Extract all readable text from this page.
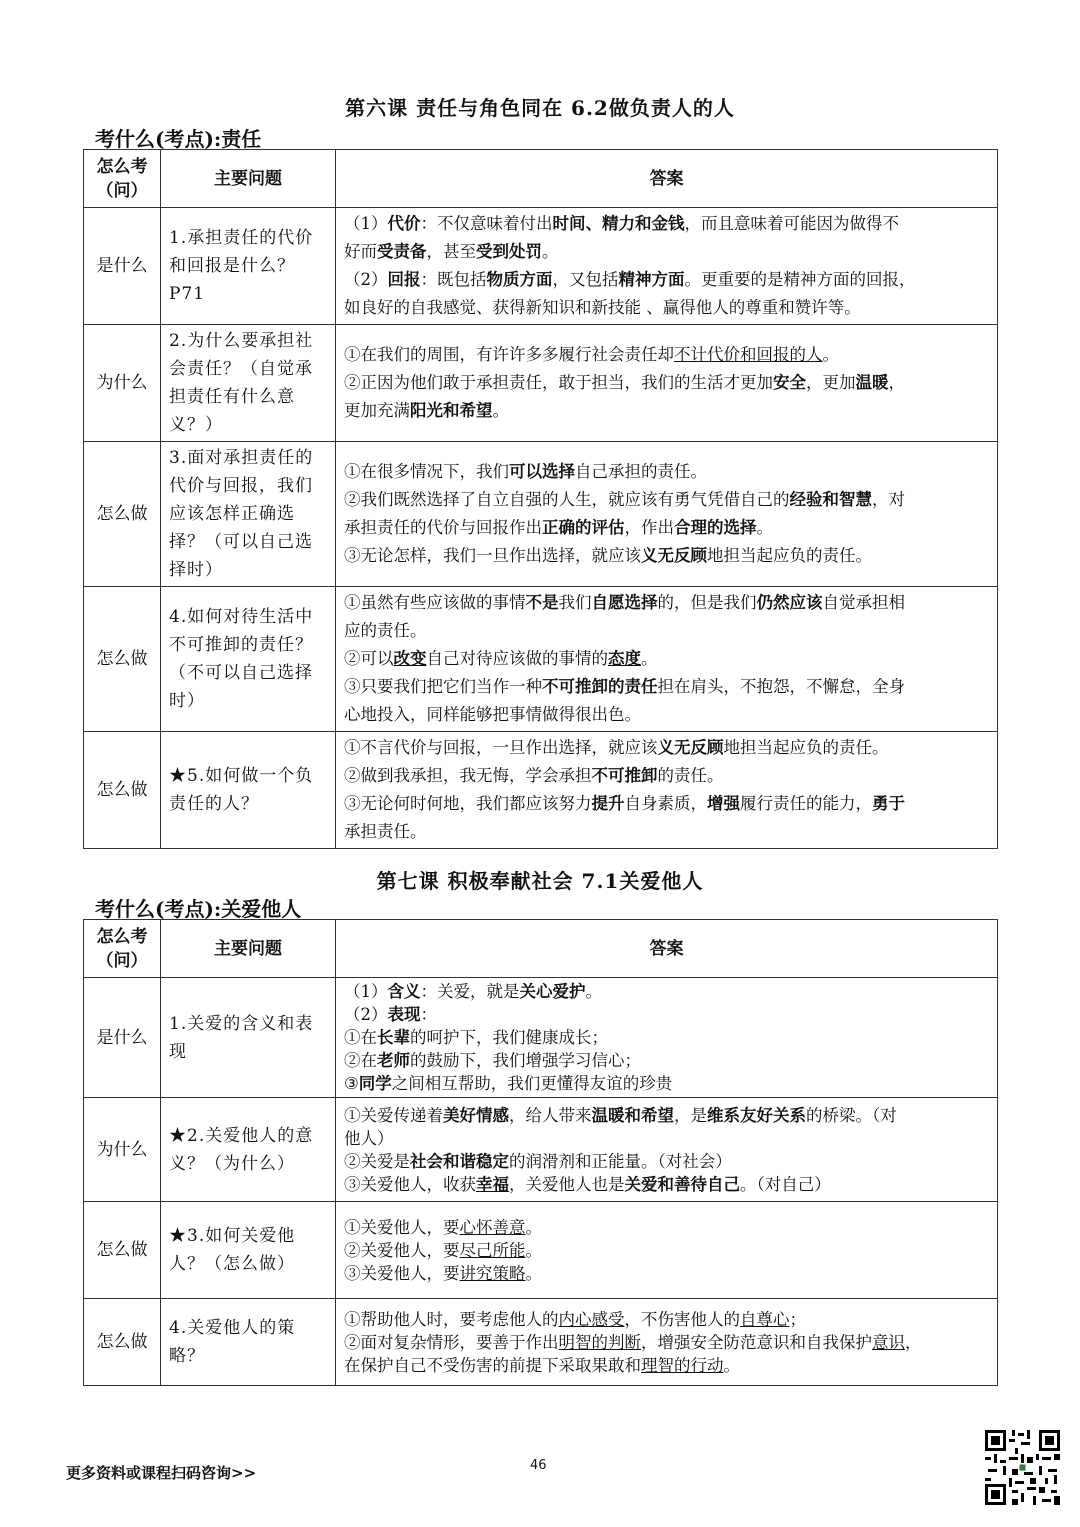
第六课 责任与角色同在 6.2做负责人的人
考什么(考点):责任
怎么考（问）	主要问题	答案
是什么	1.承担责任的代价和回报是什么？P71	（1）代价：不仅意味着付出时间、精力和金钱，而且意味着可能因为做得不
好而受责备，甚至受到处罚。
（2）回报：既包括物质方面，又包括精神方面。更重要的是精神方面的回报，
如良好的自我感觉、获得新知识和新技能 、赢得他人的尊重和赞许等。

为什么	2.为什么要承担社会责任？（自觉承担责任有什么意义？）	①在我们的周围，有许许多多履行社会责任却不计代价和回报的人。
②正因为他们敢于承担责任，敢于担当，我们的生活才更加安全，更加温暖，
更加充满阳光和希望。

怎么做	3.面对承担责任的代价与回报，我们应该怎样正确选择？（可以自己选择时）	①在很多情况下，我们可以选择自己承担的责任。
②我们既然选择了自立自强的人生，就应该有勇气凭借自己的经验和智慧，对
承担责任的代价与回报作出正确的评估，作出合理的选择。
③无论怎样，我们一旦作出选择，就应该义无反顾地担当起应负的责任。

怎么做	4.如何对待生活中不可推卸的责任？（不可以自己选择时）	①虽然有些应该做的事情不是我们自愿选择的，但是我们仍然应该自觉承担相
应的责任。
②可以改变自己对待应该做的事情的态度。
③只要我们把它们当作一种不可推卸的责任担在肩头，不抱怨，不懈怠，全身
心地投入，同样能够把事情做得很出色。

怎么做	★5.如何做一个负责任的人？	①不言代价与回报，一旦作出选择，就应该义无反顾地担当起应负的责任。
②做到我承担，我无悔，学会承担不可推卸的责任。
③无论何时何地，我们都应该努力提升自身素质，增强履行责任的能力，勇于
承担责任。
第七课 积极奉献社会 7.1关爱他人
考什么(考点):关爱他人
怎么考（问）	主要问题	答案
是什么	1.关爱的含义和表现	（1）含义：关爱，就是关心爱护。
（2）表现：
①在长辈的呵护下，我们健康成长；
②在老师的鼓励下，我们增强学习信心；
③同学之间相互帮助，我们更懂得友谊的珍贵

为什么	★2.关爱他人的意义？（为什么）	①关爱传递着美好情感，给人带来温暖和希望，是维系友好关系的桥梁。（对
他人）
②关爱是社会和谐稳定的润滑剂和正能量。（对社会）
③关爱他人，收获幸福，关爱他人也是关爱和善待自己。（对自己）

怎么做	★3.如何关爱他人？（怎么做）	①关爱他人，要心怀善意。
②关爱他人，要尽己所能。
③关爱他人，要讲究策略。

怎么做	4.关爱他人的策略？	①帮助他人时，要考虑他人的内心感受，不伤害他人的自尊心；
②面对复杂情形，要善于作出明智的判断，增强安全防范意识和自我保护意识，
在保护自己不受伤害的前提下采取果敢和理智的行动。
更多资料或课程扫码咨询>>	46
